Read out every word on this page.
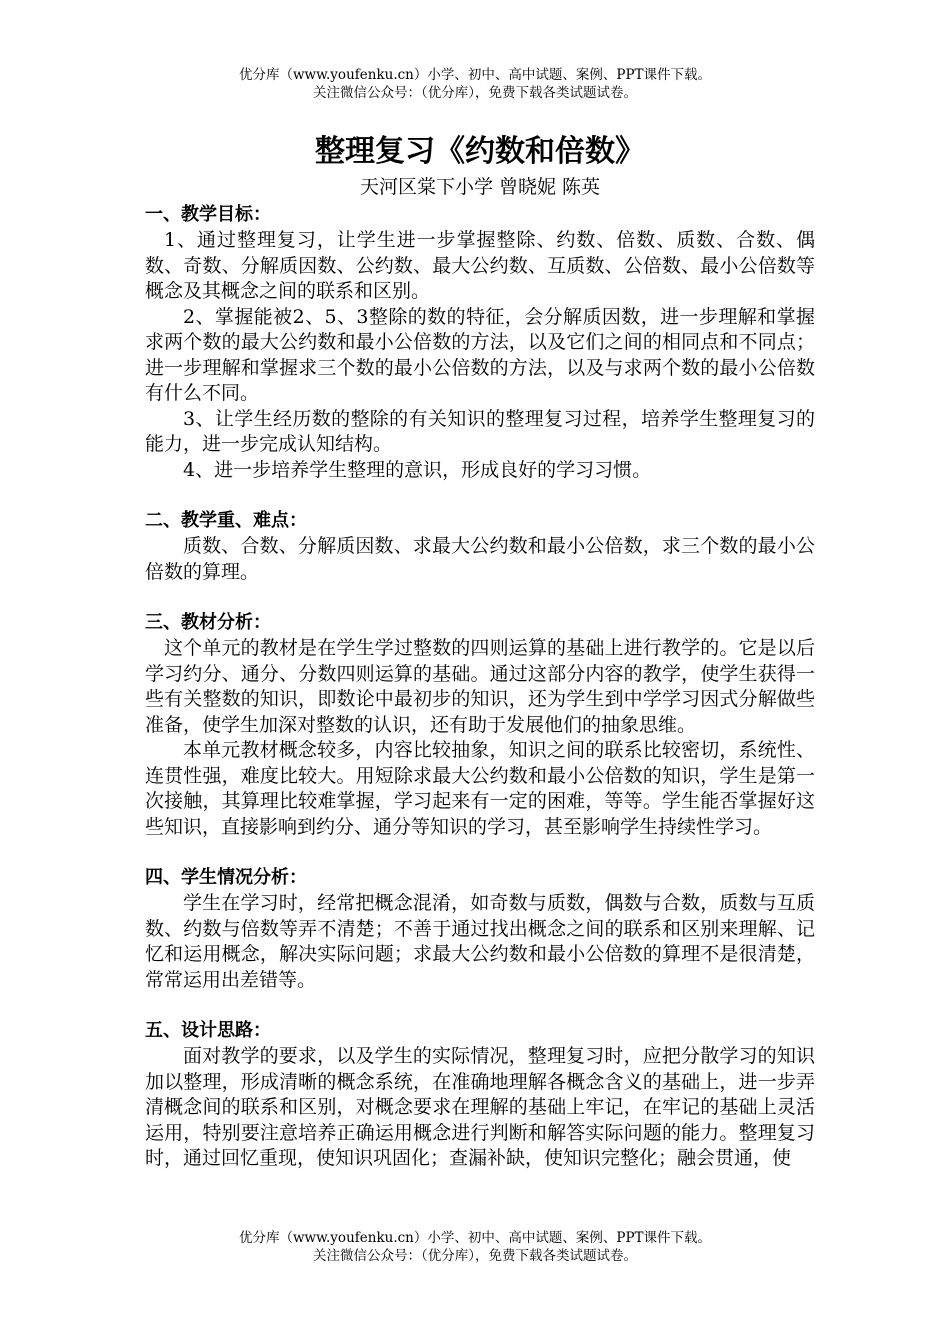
优分库（www.youfenku.cn）小学、初中、高中试题、案例、PPT课件下载。
关注微信公众号：（优分库），免费下载各类试题试卷。
整理复习《约数和倍数》

天河区棠下小学 曾晓妮 陈英

一、教学目标：

1、通过整理复习，让学生进一步掌握整除、约数、倍数、质数、合数、偶数、奇数、分解质因数、公约数、最大公约数、互质数、公倍数、最小公倍数等概念及其概念之间的联系和区别。

2、掌握能被2、5、3整除的数的特征，会分解质因数，进一步理解和掌握求两个数的最大公约数和最小公倍数的方法，以及它们之间的相同点和不同点；进一步理解和掌握求三个数的最小公倍数的方法，以及与求两个数的最小公倍数有什么不同。

3、让学生经历数的整除的有关知识的整理复习过程，培养学生整理复习的能力，进一步完成认知结构。

4、进一步培养学生整理的意识，形成良好的学习习惯。

二、教学重、难点：

质数、合数、分解质因数、求最大公约数和最小公倍数，求三个数的最小公倍数的算理。

三、教材分析：

这个单元的教材是在学生学过整数的四则运算的基础上进行教学的。它是以后学习约分、通分、分数四则运算的基础。通过这部分内容的教学，使学生获得一些有关整数的知识，即数论中最初步的知识，还为学生到中学学习因式分解做些准备，使学生加深对整数的认识，还有助于发展他们的抽象思维。

本单元教材概念较多，内容比较抽象，知识之间的联系比较密切，系统性、连贯性强，难度比较大。用短除求最大公约数和最小公倍数的知识，学生是第一次接触，其算理比较难掌握，学习起来有一定的困难，等等。学生能否掌握好这些知识，直接影响到约分、通分等知识的学习，甚至影响学生持续性学习。

四、学生情况分析：

学生在学习时，经常把概念混淆，如奇数与质数，偶数与合数，质数与互质数、约数与倍数等弄不清楚；不善于通过找出概念之间的联系和区别来理解、记忆和运用概念，解决实际问题；求最大公约数和最小公倍数的算理不是很清楚，常常运用出差错等。

五、设计思路：

面对教学的要求，以及学生的实际情况，整理复习时，应把分散学习的知识加以整理，形成清晰的概念系统，在准确地理解各概念含义的基础上，进一步弄清概念间的联系和区别，对概念要求在理解的基础上牢记，在牢记的基础上灵活运用，特别要注意培养正确运用概念进行判断和解答实际问题的能力。整理复习时，通过回忆重现，使知识巩固化；查漏补缺，使知识完整化；融会贯通，使

优分库（www.youfenku.cn）小学、初中、高中试题、案例、PPT课件下载。
关注微信公众号：（优分库），免费下载各类试题试卷。
